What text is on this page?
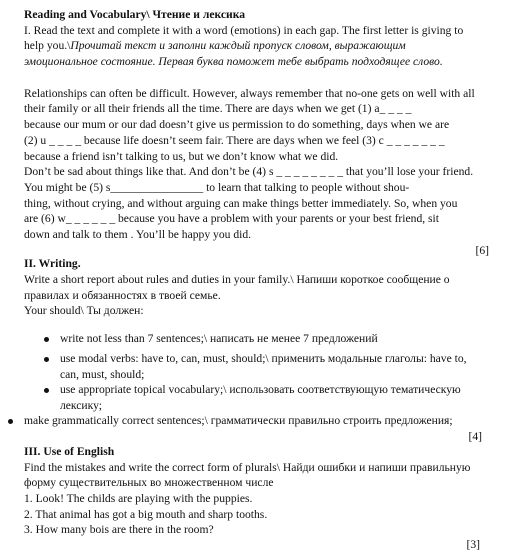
Reading and Vocabulary\ Чтение и лексика
I. Read the text and complete it with a word (emotions) in each gap. The first letter is giving to
help you.\Прочитай текст и заполни каждый пропуск словом, выражающим
эмоциональное состояние. Первая буква поможет тебе выбрать подходящее слово.
Relationships can often be difficult. However, always remember that no-one gets on well with all
their family or all their friends all the time. There are days when we get (1) a_ _ _ _
because our mum or our dad doesn’t give us permission to do something, days when we are
(2) u _ _ _ _ because life doesn’t seem fair. There are days when we feel (3) c _ _ _ _ _ _ _
because a friend isn’t talking to us, but we don’t know what we did.
Don’t be sad about things like that. And don’t be (4) s _ _ _ _ _ _ _ _ that you’ll lose your friend.
You might be (5) s________________ to learn that talking to people without shou-
thing, without crying, and without arguing can make things better immediately. So, when you
are (6) w_ _ _ _ _ _ because you have a problem with your parents or your best friend, sit
down and talk to them . You’ll be happy you did.
[6]
II. Writing.
Write a short report about rules and duties in your family.\ Напиши короткое сообщение о
правилах и обязанностях в твоей семье.
Your should\ Ты должен:
write not less than 7 sentences;\ написать не менее 7 предложений
use modal verbs: have to, can, must, should;\ применить модальные глаголы: have to,
can, must, should;
use appropriate topical vocabulary;\ использовать соответствующую тематическую
лексику;
make grammatically correct sentences;\ грамматически правильно строить предложения;
[4]
III. Use of English
Find the mistakes and write the correct form of plurals\ Найди ошибки и напиши правильную
форму существительных во множественном числе
1. Look! The childs are playing with the puppies.
2. That animal has got a big mouth and sharp tooths.
3. How many bois are there in the room?
[3]
